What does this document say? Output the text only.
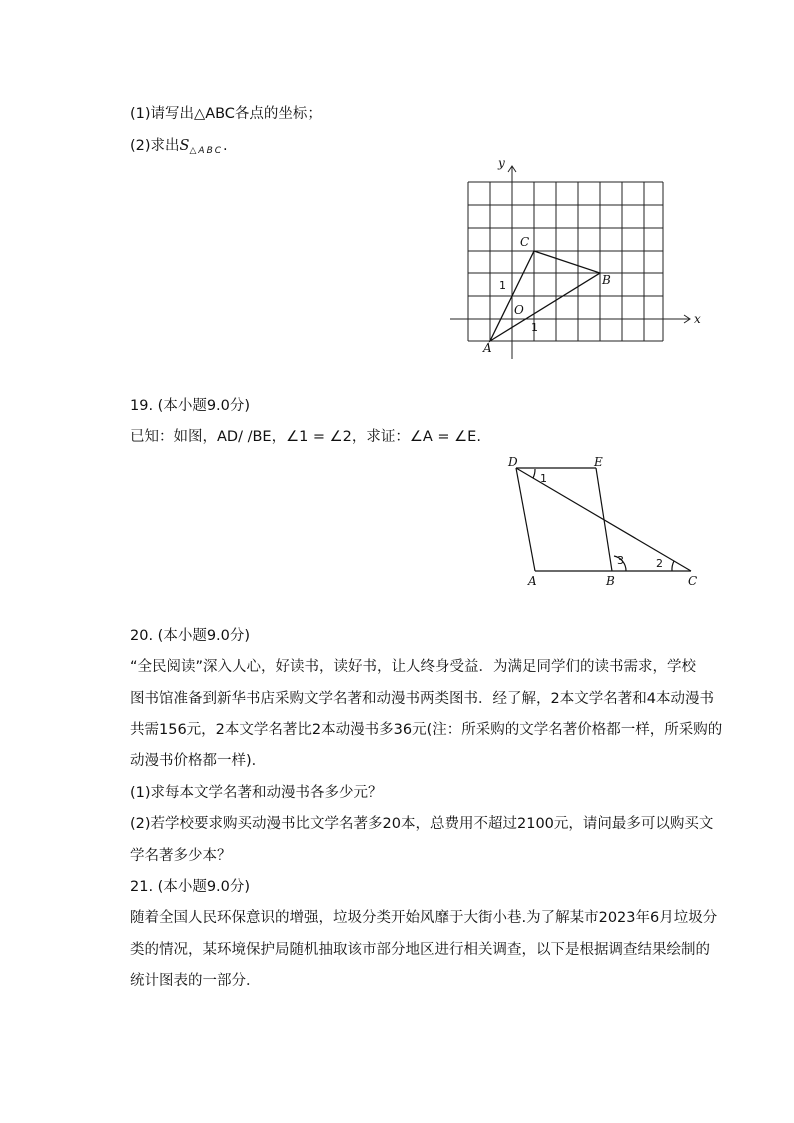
(1)请写出△ABC各点的坐标；
(2)求出$S_{\triangle ABC}$.
x
y
O
1
1
A
B
C
D	E
A	B	C
1
2
3
19. (本小题9.0分)
已知：如图，AD/ /BE，∠1 = ∠2，求证：∠A = ∠E.
20. (本小题9.0分)
“全民阅读”深入人心，好读书，读好书，让人终身受益．为满足同学们的读书需求，学校
图书馆准备到新华书店采购文学名著和动漫书两类图书．经了解，2本文学名著和4本动漫书
共需156元，2本文学名著比2本动漫书多36元(注：所采购的文学名著价格都一样，所采购的
动漫书价格都一样)．
(1)求每本文学名著和动漫书各多少元？
(2)若学校要求购买动漫书比文学名著多20本，总费用不超过2100元，请问最多可以购买文
学名著多少本？
21. (本小题9.0分)
随着全国人民环保意识的增强，垃圾分类开始风靡于大街小巷.为了解某市2023年6月垃圾分
类的情况，某环境保护局随机抽取该市部分地区进行相关调查，以下是根据调查结果绘制的
统计图表的一部分．
